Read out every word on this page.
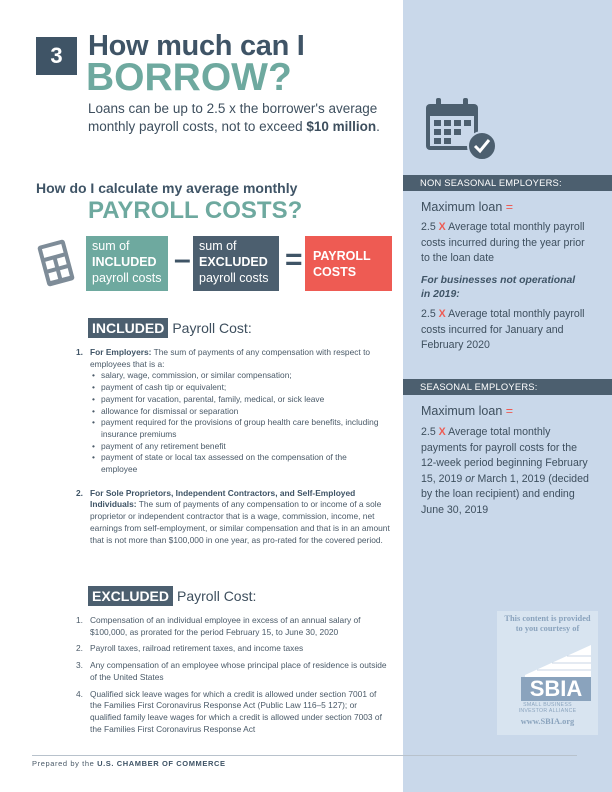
3 How much can I
BORROW?
Loans can be up to 2.5 x the borrower's average monthly payroll costs, not to exceed $10 million.
How do I calculate my average monthly
PAYROLL COSTS?
sum of
INCLUDED
payroll costs
– sum of
EXCLUDED
payroll costs
= PAYROLL
COSTS
INCLUDED Payroll Cost:
1. For Employers: The sum of payments of any compensation with respect to employees that is a:
• salary, wage, commission, or similar compensation;
• payment of cash tip or equivalent;
• payment for vacation, parental, family, medical, or sick leave
• allowance for dismissal or separation
• payment required for the provisions of group health care benefits, including insurance premiums
• payment of any retirement benefit
• payment of state or local tax assessed on the compensation of the employee
2. For Sole Proprietors, Independent Contractors, and Self-Employed Individuals: The sum of payments of any compensation to or income of a sole proprietor or independent contractor that is a wage, commission, income, net earnings from self-employment, or similar compensation and that is in an amount that is not more than $100,000 in one year, as pro-rated for the covered period.
EXCLUDED Payroll Cost:
1. Compensation of an individual employee in excess of an annual salary of $100,000, as prorated for the period February 15, to June 30, 2020
2. Payroll taxes, railroad retirement taxes, and income taxes
3. Any compensation of an employee whose principal place of residence is outside of the United States
4. Qualified sick leave wages for which a credit is allowed under section 7001 of the Families First Coronavirus Response Act (Public Law 116–5 127); or qualified family leave wages for which a credit is allowed under section 7003 of the Families First Coronavirus Response Act
Prepared by the U.S. CHAMBER OF COMMERCE
NON SEASONAL EMPLOYERS:
Maximum loan =
2.5 X Average total monthly payroll costs incurred during the year prior to the loan date
For businesses not operational in 2019:
2.5 X Average total monthly payroll costs incurred for January and February 2020
SEASONAL EMPLOYERS:
Maximum loan =
2.5 X Average total monthly payments for payroll costs for the 12-week period beginning February 15, 2019 or March 1, 2019 (decided by the loan recipient) and ending June 30, 2019
This content is provided
to you courtesy of
SBIA
SMALL BUSINESS
INVESTOR ALLIANCE
www.SBIA.org
